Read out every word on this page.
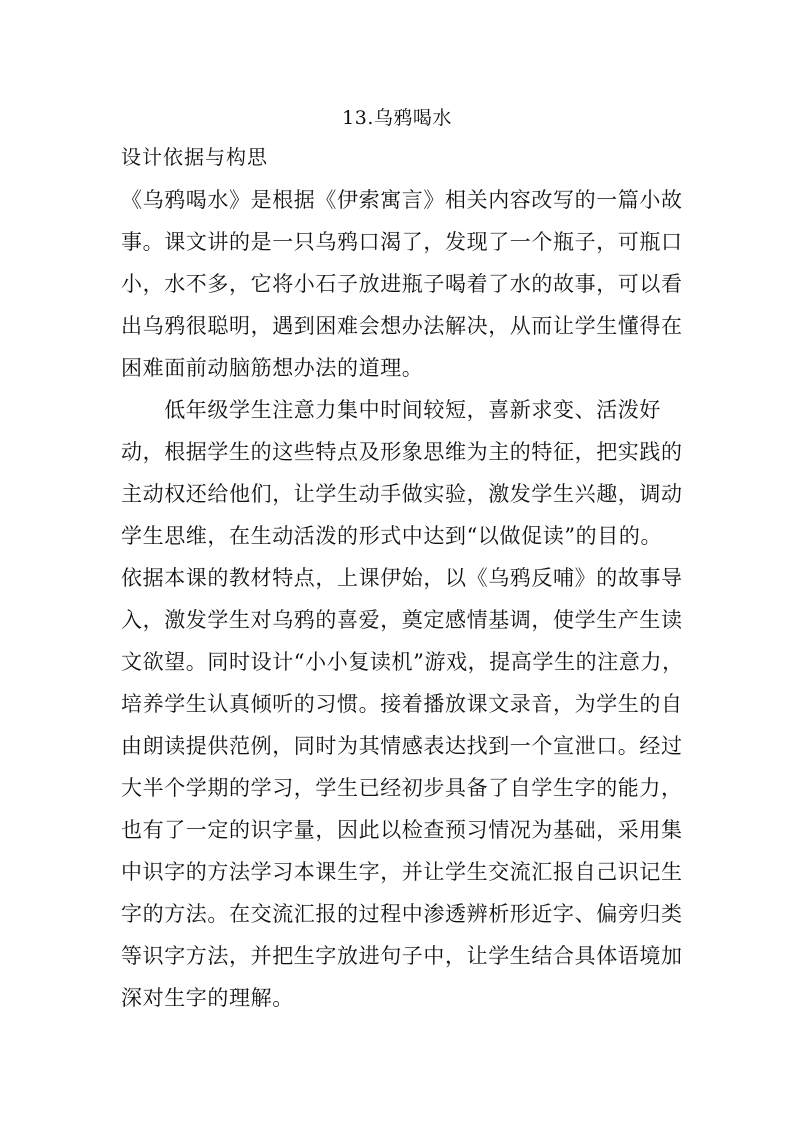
13.乌鸦喝水
设计依据与构思
《乌鸦喝水》是根据《伊索寓言》相关内容改写的一篇小故
事。课文讲的是一只乌鸦口渴了，发现了一个瓶子，可瓶口
小，水不多，它将小石子放进瓶子喝着了水的故事，可以看
出乌鸦很聪明，遇到困难会想办法解决，从而让学生懂得在
困难面前动脑筋想办法的道理。
　　低年级学生注意力集中时间较短，喜新求变、活泼好
动，根据学生的这些特点及形象思维为主的特征，把实践的
主动权还给他们，让学生动手做实验，激发学生兴趣，调动
学生思维，在生动活泼的形式中达到“以做促读”的目的。
依据本课的教材特点，上课伊始，以《乌鸦反哺》的故事导
入，激发学生对乌鸦的喜爱，奠定感情基调，使学生产生读
文欲望。同时设计“小小复读机”游戏，提高学生的注意力，
培养学生认真倾听的习惯。接着播放课文录音，为学生的自
由朗读提供范例，同时为其情感表达找到一个宣泄口。经过
大半个学期的学习，学生已经初步具备了自学生字的能力，
也有了一定的识字量，因此以检查预习情况为基础，采用集
中识字的方法学习本课生字，并让学生交流汇报自己识记生
字的方法。在交流汇报的过程中渗透辨析形近字、偏旁归类
等识字方法，并把生字放进句子中，让学生结合具体语境加
深对生字的理解。
